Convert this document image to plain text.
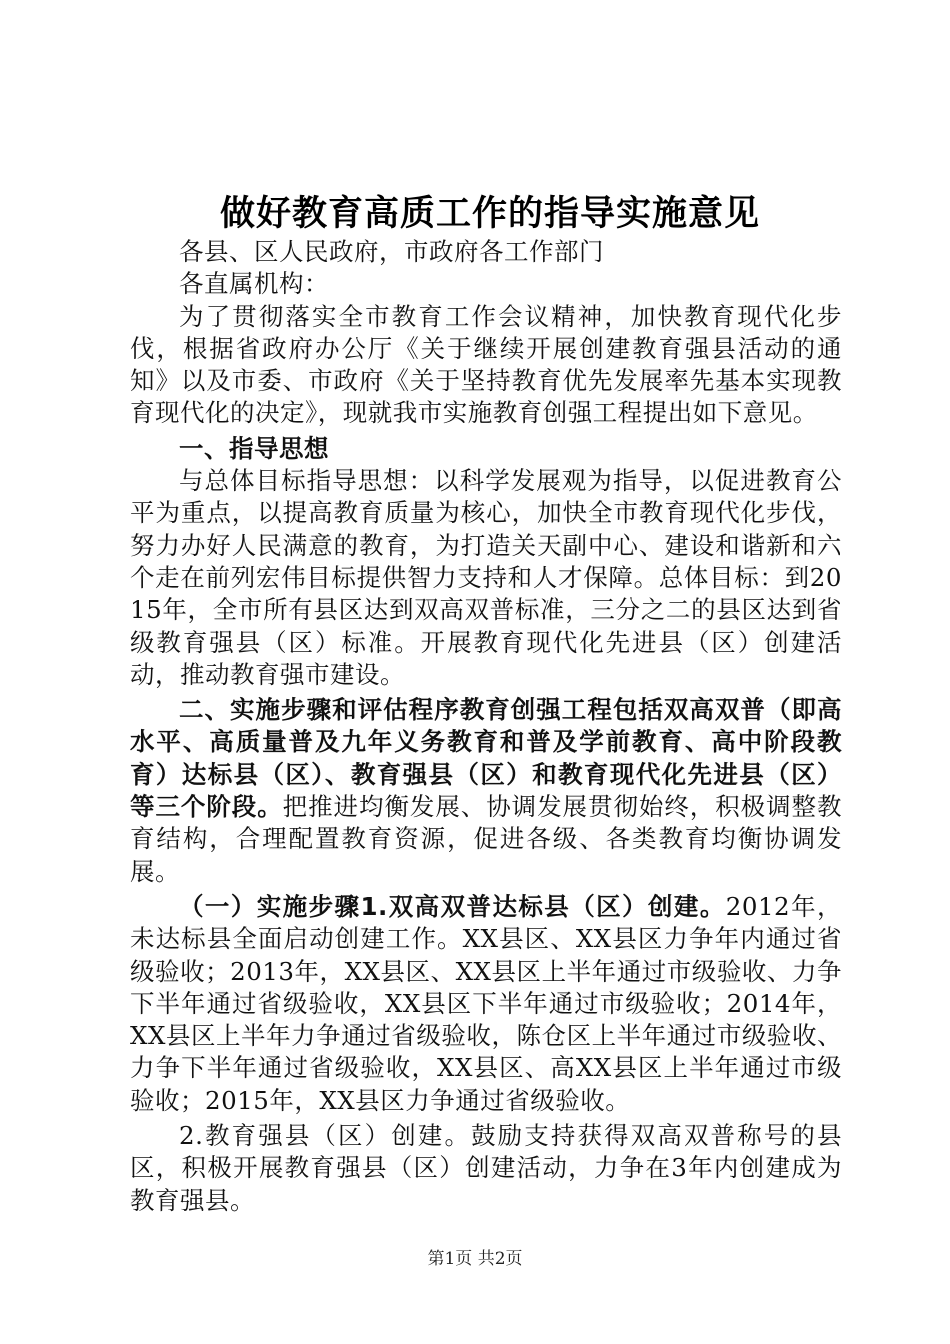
做好教育高质工作的指导实施意见

各县、区人民政府，市政府各工作部门

各直属机构：

为了贯彻落实全市教育工作会议精神，加快教育现代化步伐，根据省政府办公厅《关于继续开展创建教育强县活动的通知》以及市委、市政府《关于坚持教育优先发展率先基本实现教育现代化的决定》，现就我市实施教育创强工程提出如下意见。

一、指导思想

与总体目标指导思想：以科学发展观为指导，以促进教育公平为重点，以提高教育质量为核心，加快全市教育现代化步伐，努力办好人民满意的教育，为打造关天副中心、建设和谐新和六个走在前列宏伟目标提供智力支持和人才保障。总体目标：到2015年，全市所有县区达到双高双普标准，三分之二的县区达到省级教育强县（区）标准。开展教育现代化先进县（区）创建活动，推动教育强市建设。

二、实施步骤和评估程序教育创强工程包括双高双普（即高水平、高质量普及九年义务教育和普及学前教育、高中阶段教育）达标县（区）、教育强县（区）和教育现代化先进县（区）等三个阶段。把推进均衡发展、协调发展贯彻始终，积极调整教育结构，合理配置教育资源，促进各级、各类教育均衡协调发展。

（一）实施步骤1.双高双普达标县（区）创建。2012年，未达标县全面启动创建工作。XX县区、XX县区力争年内通过省级验收；2013年，XX县区、XX县区上半年通过市级验收、力争下半年通过省级验收，XX县区下半年通过市级验收；2014年，XX县区上半年力争通过省级验收，陈仓区上半年通过市级验收、力争下半年通过省级验收，XX县区、高XX县区上半年通过市级验收；2015年，XX县区力争通过省级验收。

2.教育强县（区）创建。鼓励支持获得双高双普称号的县区，积极开展教育强县（区）创建活动，力争在3年内创建成为教育强县。

第1页 共2页
